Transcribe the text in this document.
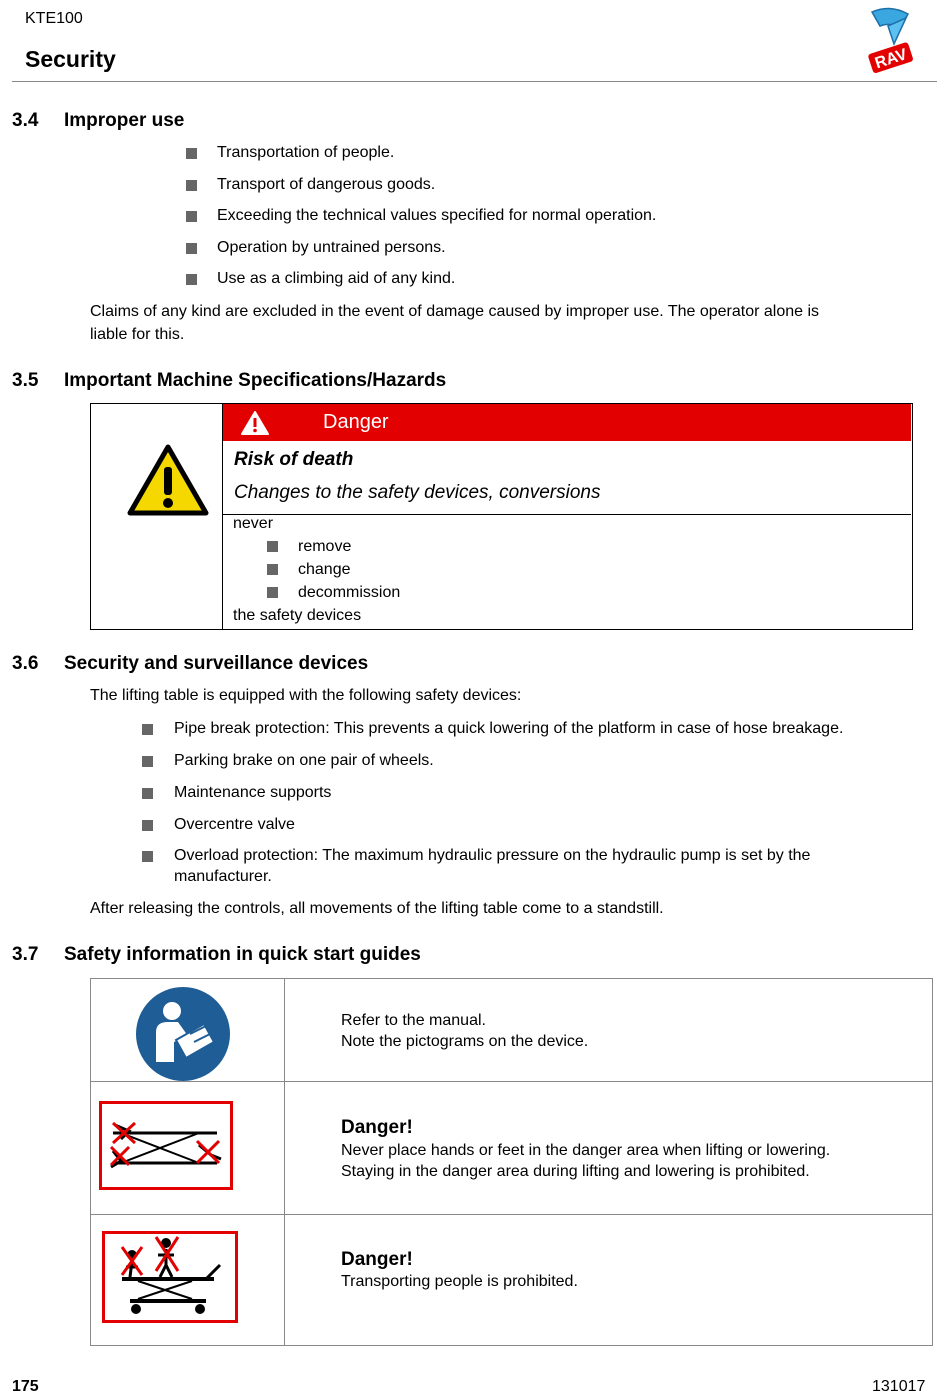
KTE100
Security	RAV
3.4 Improper use
Transportation of people.
Transport of dangerous goods.
Exceeding the technical values specified for normal operation.
Operation by untrained persons.
Use as a climbing aid of any kind.
Claims of any kind are excluded in the event of damage caused by improper use. The operator alone is
liable for this.
3.5 Important Machine Specifications/Hazards
Danger
Risk of death
Changes to the safety devices, conversions
never
remove
change
decommission
the safety devices
3.6 Security and surveillance devices
The lifting table is equipped with the following safety devices:
Pipe break protection: This prevents a quick lowering of the platform in case of hose breakage.
Parking brake on one pair of wheels.
Maintenance supports
Overcentre valve
Overload protection: The maximum hydraulic pressure on the hydraulic pump is set by the
manufacturer.
After releasing the controls, all movements of the lifting table come to a standstill.
3.7 Safety information in quick start guides
Refer to the manual.
Note the pictograms on the device.
Danger!
Never place hands or feet in the danger area when lifting or lowering.
Staying in the danger area during lifting and lowering is prohibited.
Danger!
Transporting people is prohibited.
175	131017
